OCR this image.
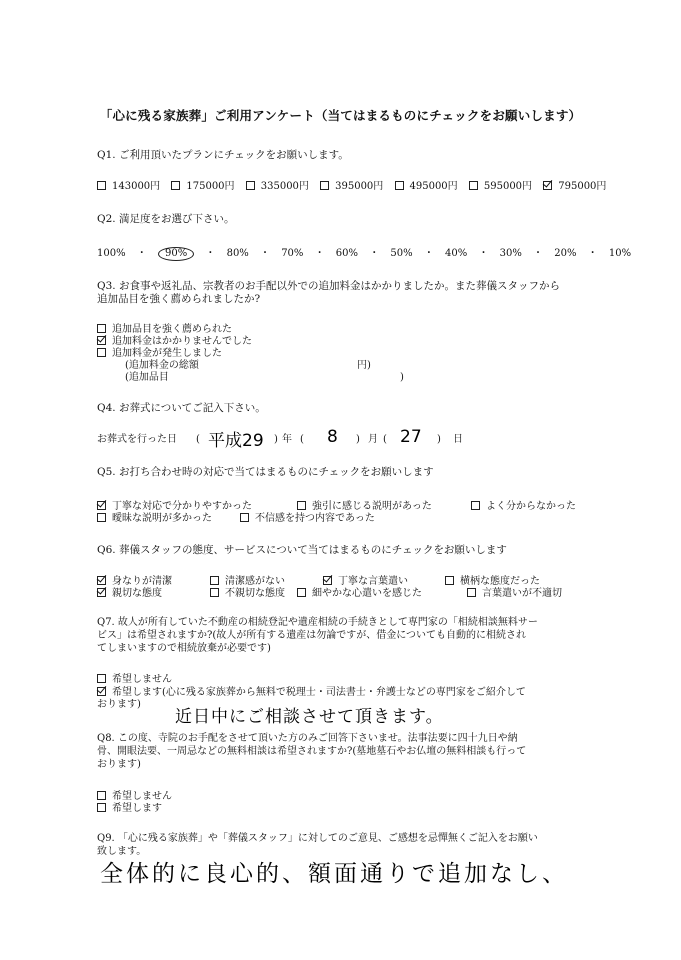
「心に残る家族葬」ご利用アンケート（当てはまるものにチェックをお願いします）
Q1. ご利用頂いたプランにチェックをお願いします。
143000円	175000円	335000円	395000円	495000円	595000円	795000円
Q2. 満足度をお選び下さい。
100% ・ 90% ・ 80% ・ 70% ・ 60% ・ 50% ・ 40% ・ 30% ・ 20% ・ 10%
Q3. お食事や返礼品、宗教者のお手配以外での追加料金はかかりましたか。また葬儀スタッフから
追加品目を強く薦められましたか?
追加品目を強く薦められた
追加料金はかかりませんでした
追加料金が発生しました
(追加料金の総額	円)
(追加品目	)
Q4. お葬式についてご記入下さい。
お葬式を行った日 ( 平成29 ) 年 ( 8 ) 月 ( 27 ) 日
Q5. お打ち合わせ時の対応で当てはまるものにチェックをお願いします
丁寧な対応で分かりやすかった	強引に感じる説明があった	よく分からなかった
曖昧な説明が多かった	不信感を持つ内容であった
Q6. 葬儀スタッフの態度、サービスについて当てはまるものにチェックをお願いします
身なりが清潔	清潔感がない	丁寧な言葉遣い	横柄な態度だった
親切な態度	不親切な態度	細やかな心遣いを感じた	言葉遣いが不適切
Q7. 故人が所有していた不動産の相続登記や遺産相続の手続きとして専門家の「相続相談無料サー
ビス」は希望されますか?(故人が所有する遺産は勿論ですが、借金についても自動的に相続され
てしまいますので相続放棄が必要です)
希望しません
希望します(心に残る家族葬から無料で税理士・司法書士・弁護士などの専門家をご紹介して
おります)
近日中にご相談させて頂きます。
Q8. この度、寺院のお手配をさせて頂いた方のみご回答下さいませ。法事法要に四十九日や納
骨、開眼法要、一周忌などの無料相談は希望されますか?(墓地墓石やお仏壇の無料相談も行って
おります)
希望しません
希望します
Q9. 「心に残る家族葬」や「葬儀スタッフ」に対してのご意見、ご感想を忌憚無くご記入をお願い
致します。
全体的に良心的、額面通りで追加なし、
